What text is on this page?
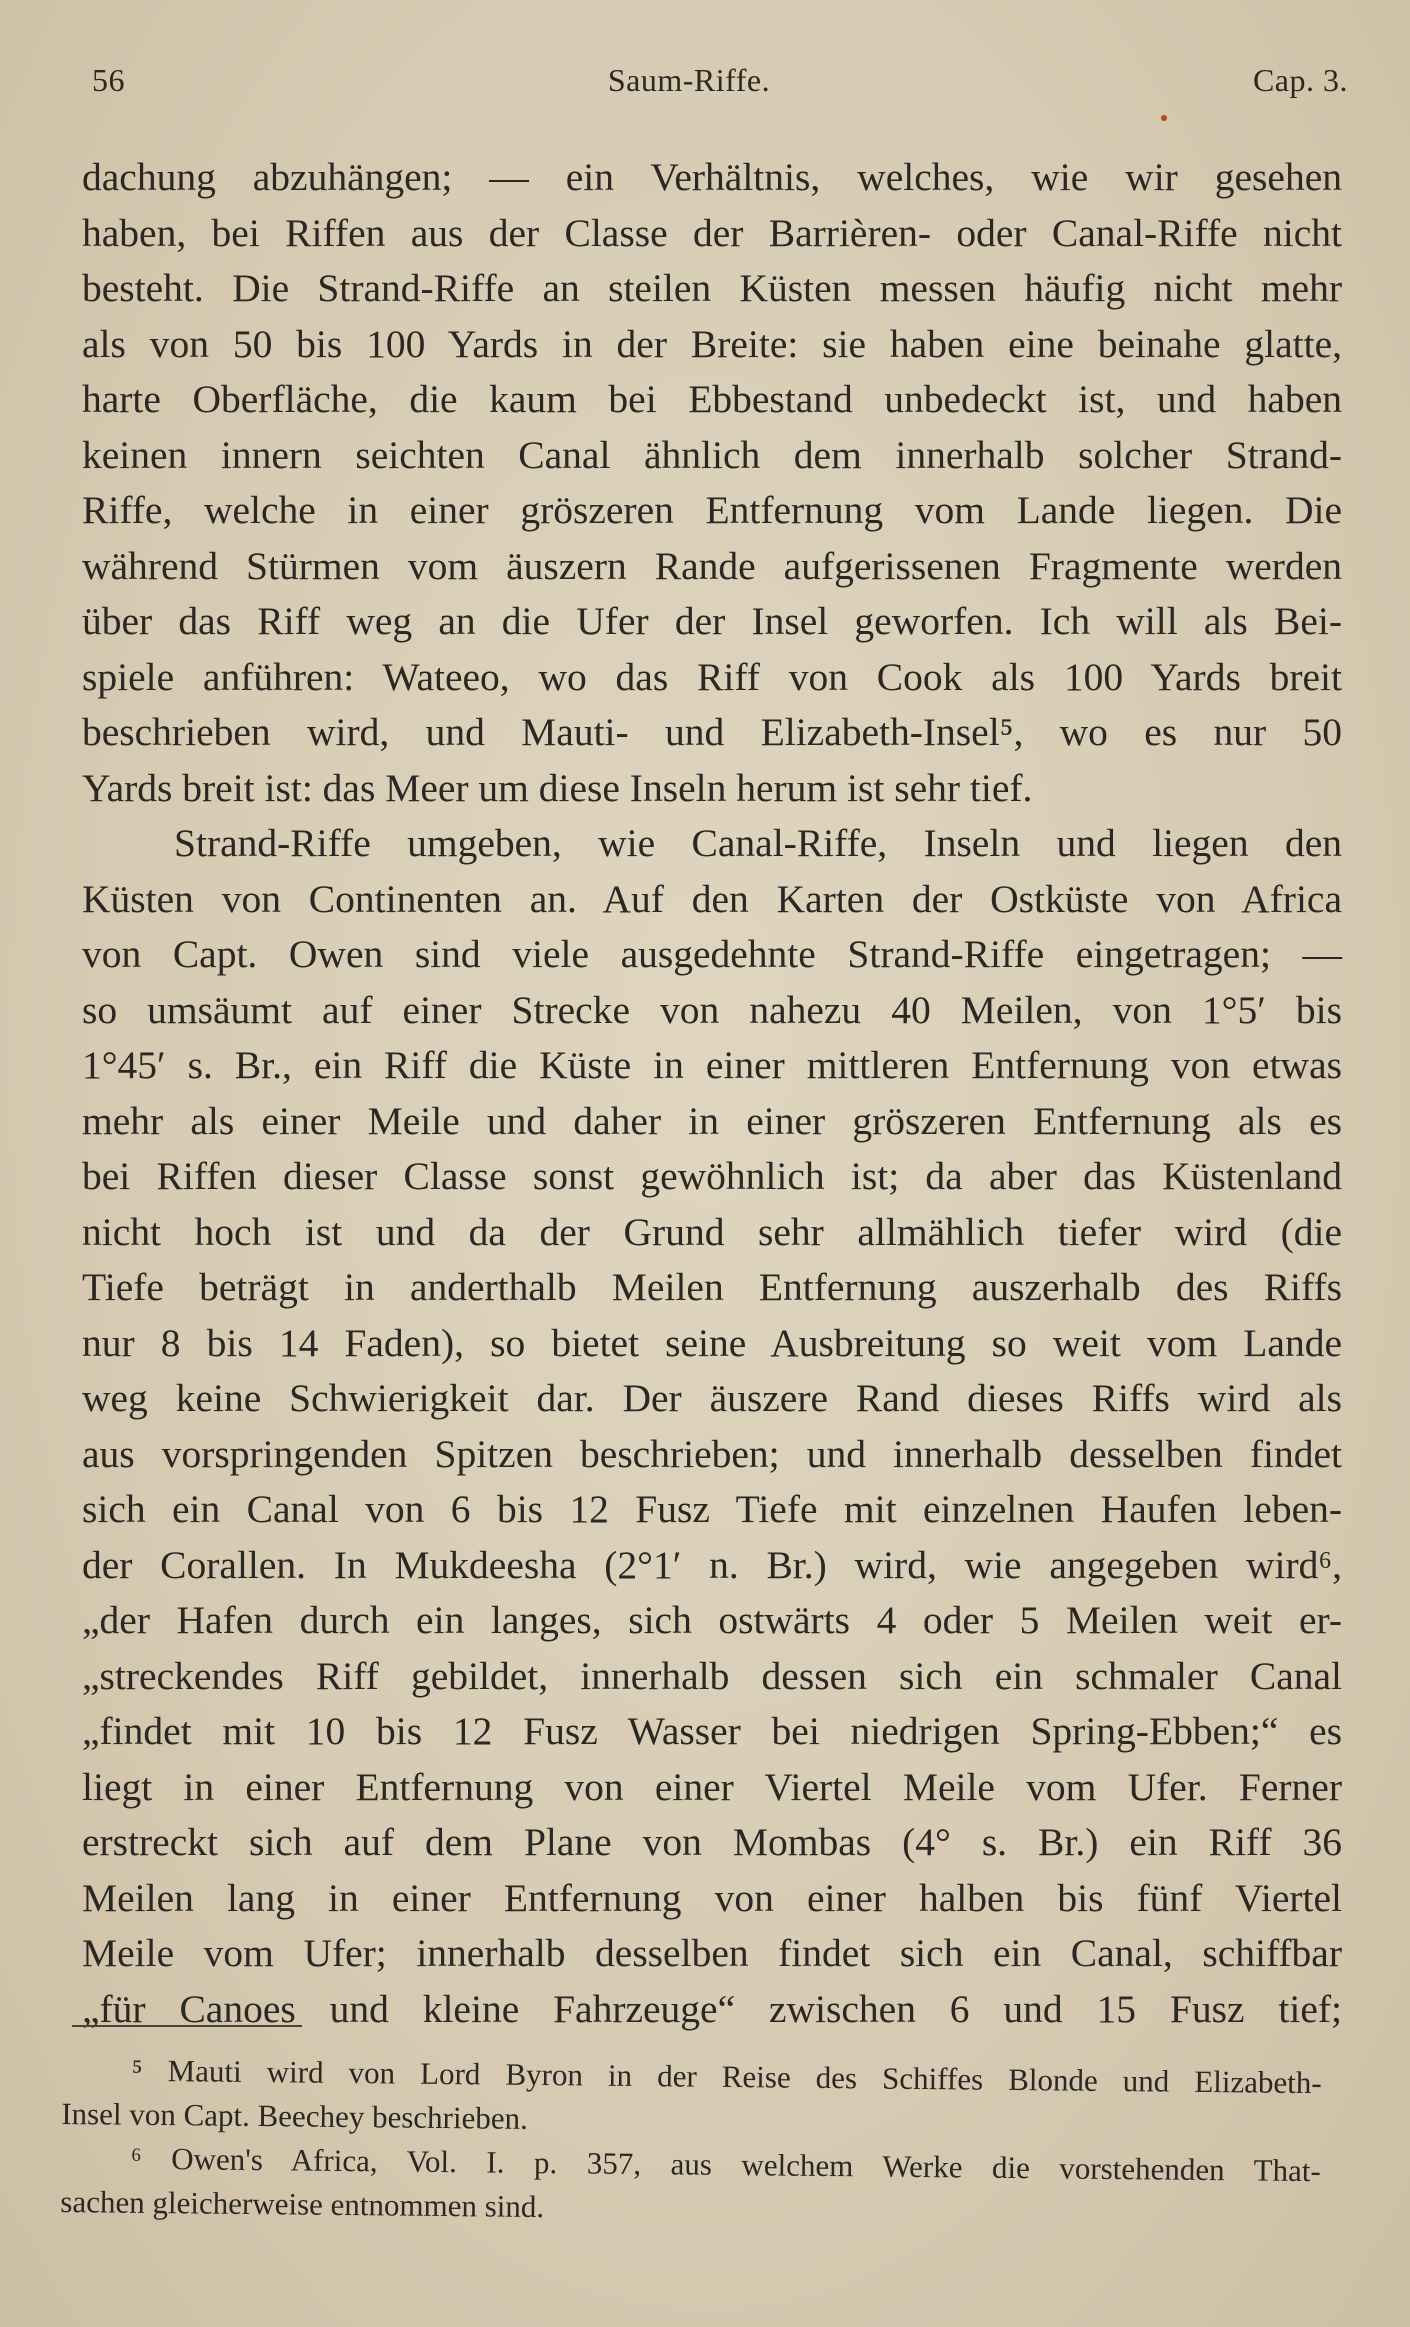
56	Saum-Riffe.	Cap. 3.
dachung abzuhängen; — ein Verhältnis, welches, wie wir gesehen
haben, bei Riffen aus der Classe der Barrièren- oder Canal-Riffe nicht
besteht. Die Strand-Riffe an steilen Küsten messen häufig nicht mehr
als von 50 bis 100 Yards in der Breite: sie haben eine beinahe glatte,
harte Oberfläche, die kaum bei Ebbestand unbedeckt ist, und haben
keinen innern seichten Canal ähnlich dem innerhalb solcher Strand-
Riffe, welche in einer gröszeren Entfernung vom Lande liegen. Die
während Stürmen vom äuszern Rande aufgerissenen Fragmente werden
über das Riff weg an die Ufer der Insel geworfen. Ich will als Bei-
spiele anführen: Wateeo, wo das Riff von Cook als 100 Yards breit
beschrieben wird, und Mauti- und Elizabeth-Insel⁵, wo es nur 50
Yards breit ist: das Meer um diese Inseln herum ist sehr tief.
Strand-Riffe umgeben, wie Canal-Riffe, Inseln und liegen den
Küsten von Continenten an. Auf den Karten der Ostküste von Africa
von Capt. Owen sind viele ausgedehnte Strand-Riffe eingetragen; —
so umsäumt auf einer Strecke von nahezu 40 Meilen, von 1°5′ bis
1°45′ s. Br., ein Riff die Küste in einer mittleren Entfernung von etwas
mehr als einer Meile und daher in einer gröszeren Entfernung als es
bei Riffen dieser Classe sonst gewöhnlich ist; da aber das Küstenland
nicht hoch ist und da der Grund sehr allmählich tiefer wird (die
Tiefe beträgt in anderthalb Meilen Entfernung auszerhalb des Riffs
nur 8 bis 14 Faden), so bietet seine Ausbreitung so weit vom Lande
weg keine Schwierigkeit dar. Der äuszere Rand dieses Riffs wird als
aus vorspringenden Spitzen beschrieben; und innerhalb desselben findet
sich ein Canal von 6 bis 12 Fusz Tiefe mit einzelnen Haufen leben-
der Corallen. In Mukdeesha (2°1′ n. Br.) wird, wie angegeben wird⁶,
„der Hafen durch ein langes, sich ostwärts 4 oder 5 Meilen weit er-
„streckendes Riff gebildet, innerhalb dessen sich ein schmaler Canal
„findet mit 10 bis 12 Fusz Wasser bei niedrigen Spring-Ebben;“ es
liegt in einer Entfernung von einer Viertel Meile vom Ufer. Ferner
erstreckt sich auf dem Plane von Mombas (4° s. Br.) ein Riff 36
Meilen lang in einer Entfernung von einer halben bis fünf Viertel
Meile vom Ufer; innerhalb desselben findet sich ein Canal, schiffbar
„für Canoes und kleine Fahrzeuge“ zwischen 6 und 15 Fusz tief;
⁵ Mauti wird von Lord Byron in der Reise des Schiffes Blonde und Elizabeth-
Insel von Capt. Beechey beschrieben.
⁶ Owen's Africa, Vol. I. p. 357, aus welchem Werke die vorstehenden That-
sachen gleicherweise entnommen sind.
